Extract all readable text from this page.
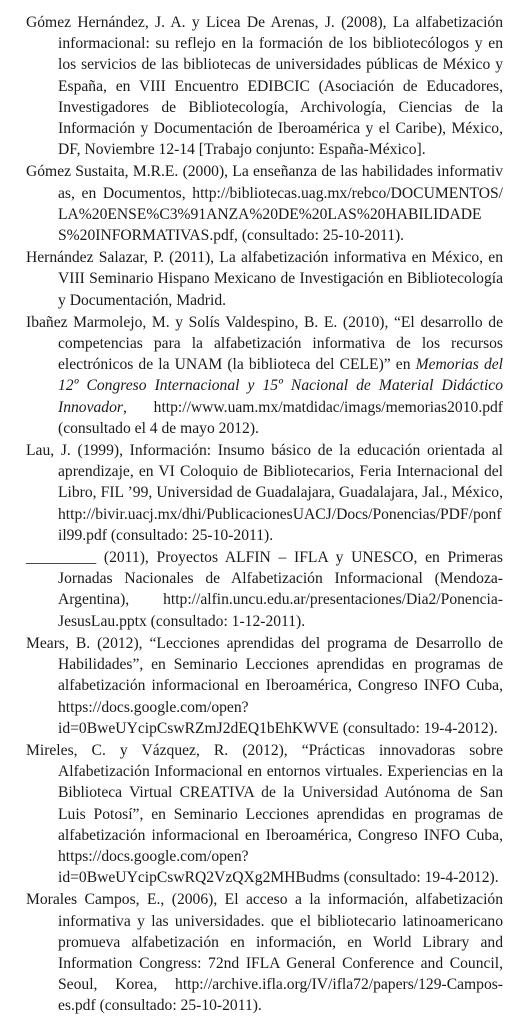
Gómez Hernández, J. A. y Licea De Arenas, J. (2008), La alfabetización informacional: su reflejo en la formación de los bibliotecólogos y en los servicios de las bibliotecas de universidades públicas de México y España, en VIII Encuentro EDIBCIC (Asociación de Educadores, Investigadores de Bibliotecología, Archivología, Ciencias de la Información y Documentación de Iberoamérica y el Caribe), México, DF, Noviembre 12-14 [Trabajo conjunto: España-México].

Gómez Sustaita, M.R.E. (2000), La enseñanza de las habilidades informativas, en Documentos, http://bibliotecas.uag.mx/rebco/DOCUMENTOS/LA%20ENSE%C3%91ANZA%20DE%20LAS%20HABILIDADES%20INFORMATIVAS.pdf, (consultado: 25-10-2011).

Hernández Salazar, P. (2011), La alfabetización informativa en México, en VIII Seminario Hispano Mexicano de Investigación en Bibliotecología y Documentación, Madrid.

Ibañez Marmolejo, M. y Solís Valdespino, B. E. (2010), “El desarrollo de competencias para la alfabetización informativa de los recursos electrónicos de la UNAM (la biblioteca del CELE)” en Memorias del 12º Congreso Internacional y 15º Nacional de Material Didáctico Innovador, http://www.uam.mx/matdidac/imags/memorias2010.pdf (consultado el 4 de mayo 2012).

Lau, J. (1999), Información: Insumo básico de la educación orientada al aprendizaje, en VI Coloquio de Bibliotecarios, Feria Internacional del Libro, FIL ’99, Universidad de Guadalajara, Guadalajara, Jal., México, http://bivir.uacj.mx/dhi/PublicacionesUACJ/Docs/Ponencias/PDF/ponfil99.pdf (consultado: 25-10-2011).

_________ (2011), Proyectos ALFIN – IFLA y UNESCO, en Primeras Jornadas Nacionales de Alfabetización Informacional (Mendoza-Argentina), http://alfin.uncu.edu.ar/presentaciones/Dia2/Ponencia-JesusLau.pptx (consultado: 1-12-2011).

Mears, B. (2012), “Lecciones aprendidas del programa de Desarrollo de Habilidades”, en Seminario Lecciones aprendidas en programas de alfabetización informacional en Iberoamérica, Congreso INFO Cuba, https://docs.google.com/open?id=0BweUYcipCswRZmJ2dEQ1bEhKWVE (consultado: 19-4-2012).

Mireles, C. y Vázquez, R. (2012), “Prácticas innovadoras sobre Alfabetización Informacional en entornos virtuales. Experiencias en la Biblioteca Virtual CREATIVA de la Universidad Autónoma de San Luis Potosí”, en Seminario Lecciones aprendidas en programas de alfabetización informacional en Iberoamérica, Congreso INFO Cuba, https://docs.google.com/open?id=0BweUYcipCswRQ2VzQXg2MHBudms (consultado: 19-4-2012).

Morales Campos, E., (2006), El acceso a la información, alfabetización informativa y las universidades. que el bibliotecario latinoamericano promueva alfabetización en información, en World Library and Information Congress: 72nd IFLA General Conference and Council, Seoul, Korea, http://archive.ifla.org/IV/ifla72/papers/129-Campos-es.pdf (consultado: 25-10-2011).
